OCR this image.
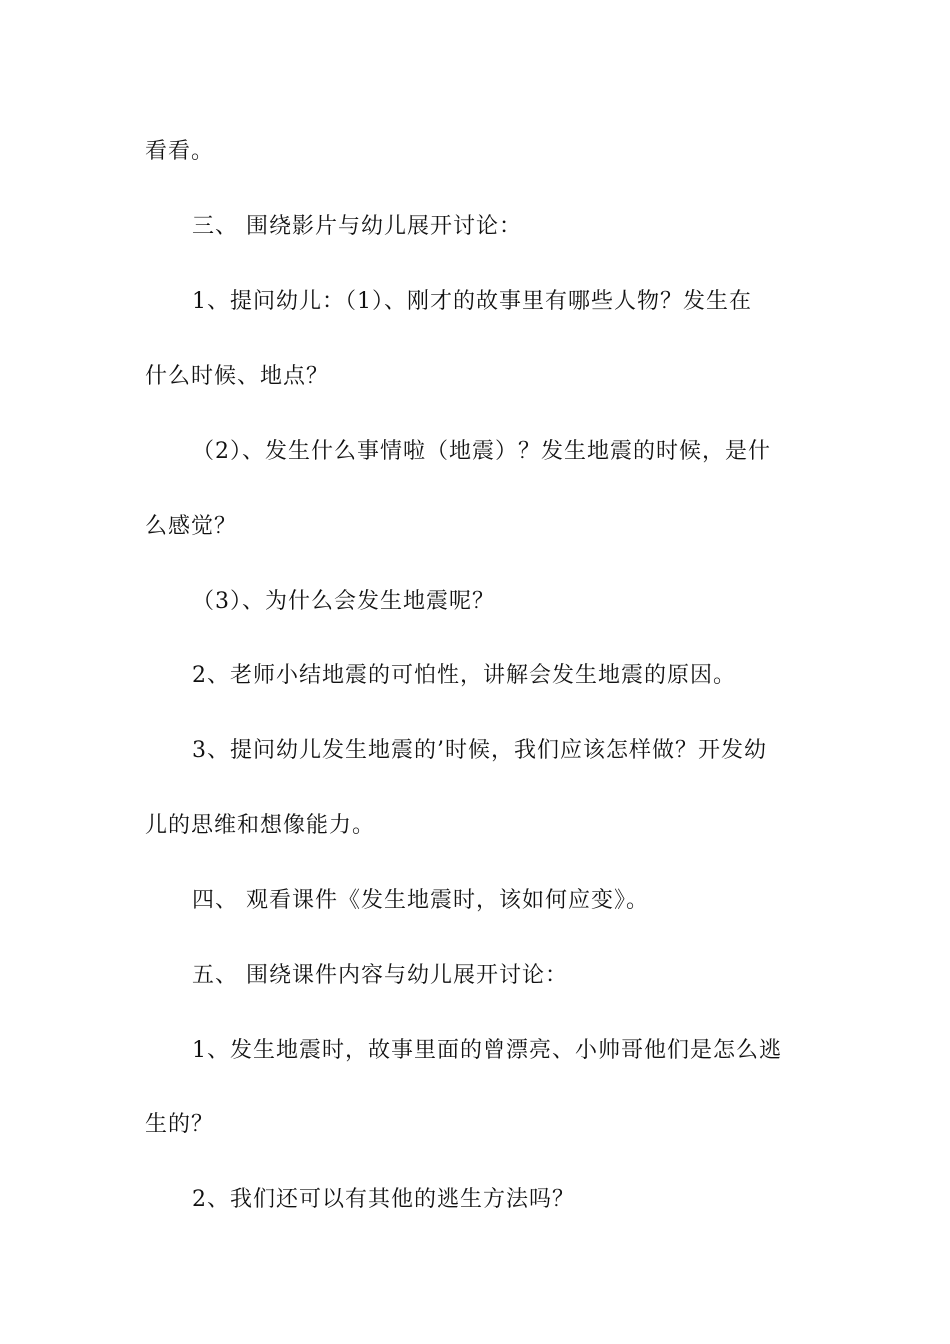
看看。
三、 围绕影片与幼儿展开讨论：
1、提问幼儿：（1）、刚才的故事里有哪些人物？发生在
什么时候、地点？
（2）、发生什么事情啦（地震）？发生地震的时候，是什
么感觉？
（3）、为什么会发生地震呢？
2、老师小结地震的可怕性，讲解会发生地震的原因。
3、提问幼儿发生地震的’时候，我们应该怎样做？开发幼
儿的思维和想像能力。
四、 观看课件《发生地震时，该如何应变》。
五、 围绕课件内容与幼儿展开讨论：
1、发生地震时，故事里面的曾漂亮、小帅哥他们是怎么逃
生的？
2、我们还可以有其他的逃生方法吗？
